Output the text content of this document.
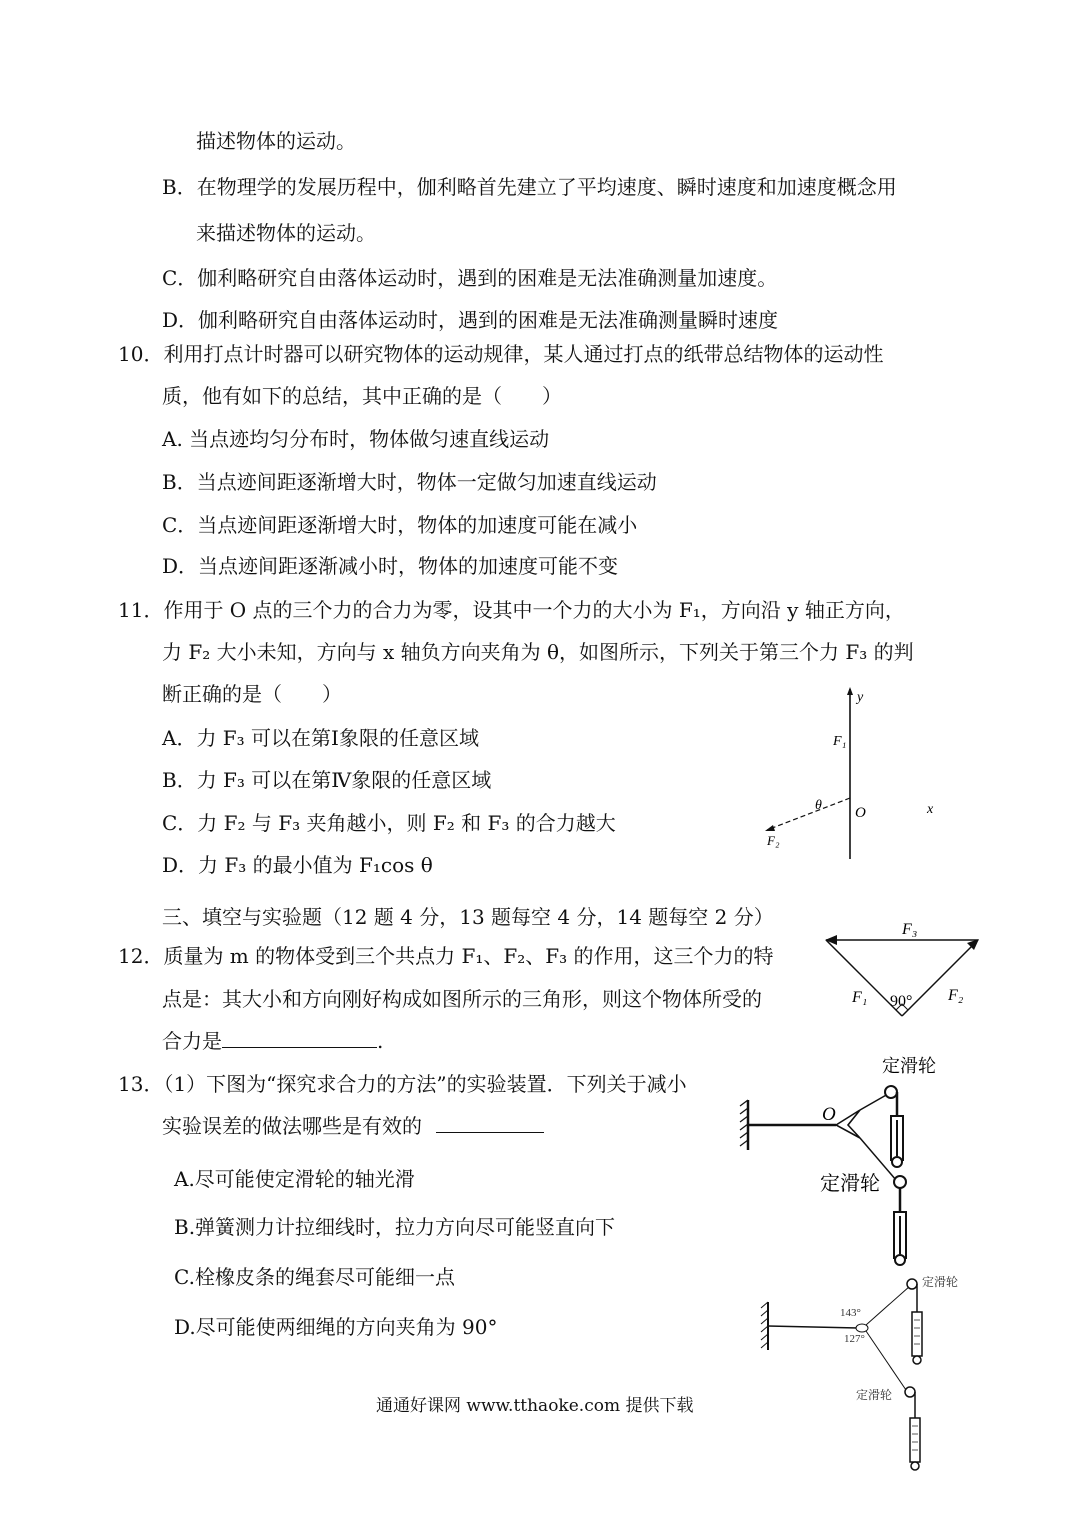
描述物体的运动。
B．在物理学的发展历程中，伽利略首先建立了平均速度、瞬时速度和加速度概念用
来描述物体的运动。
C．伽利略研究自由落体运动时，遇到的困难是无法准确测量加速度。
D．伽利略研究自由落体运动时，遇到的困难是无法准确测量瞬时速度
10．利用打点计时器可以研究物体的运动规律，某人通过打点的纸带总结物体的运动性
质，他有如下的总结，其中正确的是（　　）
A. 当点迹均匀分布时，物体做匀速直线运动
B．当点迹间距逐渐增大时，物体一定做匀加速直线运动
C．当点迹间距逐渐增大时，物体的加速度可能在减小
D．当点迹间距逐渐减小时，物体的加速度可能不变
11．作用于 O 点的三个力的合力为零，设其中一个力的大小为 F₁，方向沿 y 轴正方向，
力 F₂ 大小未知，方向与 x 轴负方向夹角为 θ，如图所示，下列关于第三个力 F₃ 的判
断正确的是（　　）
A．力 F₃ 可以在第Ⅰ象限的任意区域
B．力 F₃ 可以在第Ⅳ象限的任意区域
C．力 F₂ 与 F₃ 夹角越小，则 F₂ 和 F₃ 的合力越大
D．力 F₃ 的最小值为 F₁cos θ
y
F₁
θ O	x
F₂
三、填空与实验题（12 题 4 分，13 题每空 4 分，14 题每空 2 分）
12．质量为 m 的物体受到三个共点力 F₁、F₂、F₃ 的作用，这三个力的特
点是：其大小和方向刚好构成如图所示的三角形，则这个物体所受的
合力是	.
F₃
F₁	F₂
90°
13．（1）下图为“探究求合力的方法”的实验装置．下列关于减小
实验误差的做法哪些是有效的
A.尽可能使定滑轮的轴光滑
B.弹簧测力计拉细线时，拉力方向尽可能竖直向下
C.栓橡皮条的绳套尽可能细一点
D.尽可能使两细绳的方向夹角为 90°
定滑轮
O
定滑轮
定滑轮
143°
127°
定滑轮
通通好课网 www.tthaoke.com 提供下载
